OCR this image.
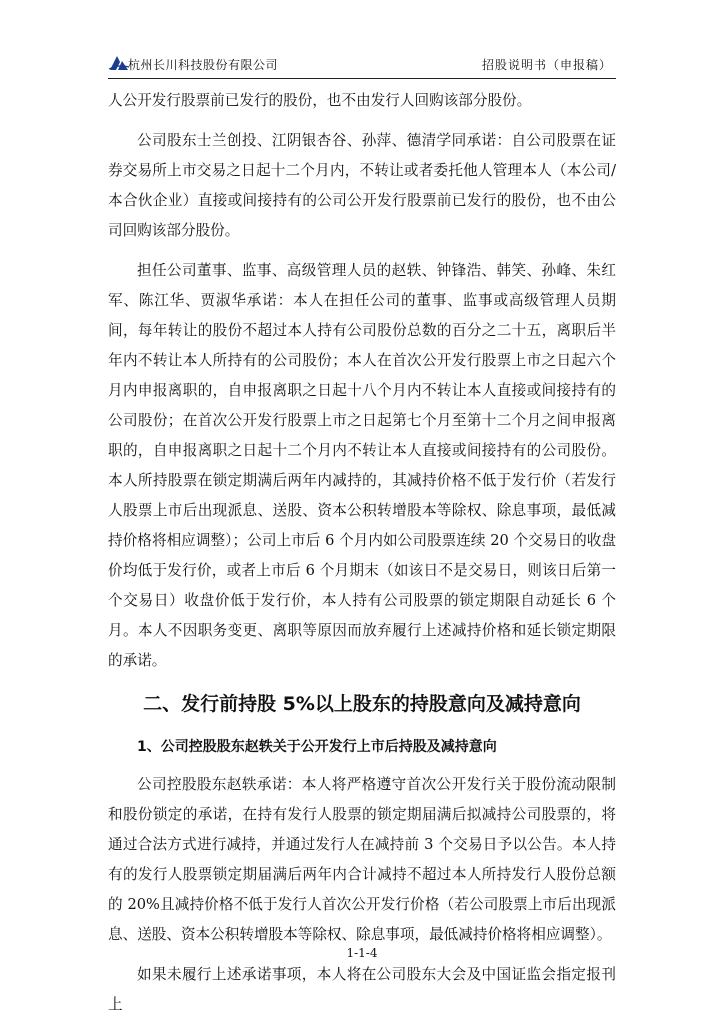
杭州长川科技股份有限公司	招股说明书（申报稿）

人公开发行股票前已发行的股份，也不由发行人回购该部分股份。

公司股东士兰创投、江阴银杏谷、孙萍、德清学同承诺：自公司股票在证券交易所上市交易之日起十二个月内，不转让或者委托他人管理本人（本公司/本合伙企业）直接或间接持有的公司公开发行股票前已发行的股份，也不由公司回购该部分股份。

担任公司董事、监事、高级管理人员的赵轶、钟锋浩、韩笑、孙峰、朱红军、陈江华、贾淑华承诺：本人在担任公司的董事、监事或高级管理人员期间，每年转让的股份不超过本人持有公司股份总数的百分之二十五，离职后半年内不转让本人所持有的公司股份；本人在首次公开发行股票上市之日起六个月内申报离职的，自申报离职之日起十八个月内不转让本人直接或间接持有的公司股份；在首次公开发行股票上市之日起第七个月至第十二个月之间申报离职的，自申报离职之日起十二个月内不转让本人直接或间接持有的公司股份。本人所持股票在锁定期满后两年内减持的，其减持价格不低于发行价（若发行人股票上市后出现派息、送股、资本公积转增股本等除权、除息事项，最低减持价格将相应调整）；公司上市后 6 个月内如公司股票连续 20 个交易日的收盘价均低于发行价，或者上市后 6 个月期末（如该日不是交易日，则该日后第一个交易日）收盘价低于发行价，本人持有公司股票的锁定期限自动延长 6 个月。本人不因职务变更、离职等原因而放弃履行上述减持价格和延长锁定期限的承诺。

二、发行前持股 5%以上股东的持股意向及减持意向
1、公司控股股东赵轶关于公开发行上市后持股及减持意向

公司控股股东赵轶承诺：本人将严格遵守首次公开发行关于股份流动限制和股份锁定的承诺，在持有发行人股票的锁定期届满后拟减持公司股票的，将通过合法方式进行减持，并通过发行人在减持前 3 个交易日予以公告。本人持有的发行人股票锁定期届满后两年内合计减持不超过本人所持发行人股份总额的 20%且减持价格不低于发行人首次公开发行价格（若公司股票上市后出现派息、送股、资本公积转增股本等除权、除息事项，最低减持价格将相应调整）。

如果未履行上述承诺事项，本人将在公司股东大会及中国证监会指定报刊上

1-1-4
